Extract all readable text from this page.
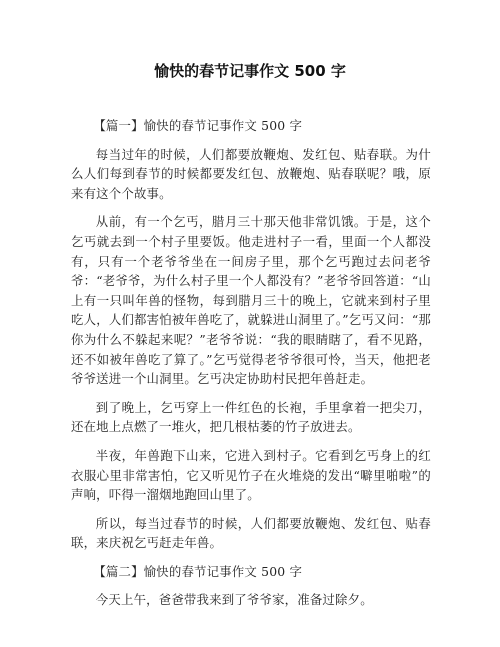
愉快的春节记事作文 500 字

【篇一】愉快的春节记事作文 500 字

每当过年的时候，人们都要放鞭炮、发红包、贴春联。为什么人们每到春节的时候都要发红包、放鞭炮、贴春联呢？哦，原来有这个个故事。

从前，有一个乞丐，腊月三十那天他非常饥饿。于是，这个乞丐就去到一个村子里要饭。他走进村子一看，里面一个人都没有，只有一个老爷爷坐在一间房子里，那个乞丐跑过去问老爷爷：“老爷爷，为什么村子里一个人都没有？”老爷爷回答道：“山上有一只叫年兽的怪物，每到腊月三十的晚上，它就来到村子里吃人，人们都害怕被年兽吃了，就躲进山洞里了。”乞丐又问：“那你为什么不躲起来呢？”老爷爷说：“我的眼睛瞎了，看不见路，还不如被年兽吃了算了。”乞丐觉得老爷爷很可怜，当天，他把老爷爷送进一个山洞里。乞丐决定协助村民把年兽赶走。

到了晚上，乞丐穿上一件红色的长袍，手里拿着一把尖刀，还在地上点燃了一堆火，把几根枯萎的竹子放进去。

半夜，年兽跑下山来，它进入到村子。它看到乞丐身上的红衣服心里非常害怕，它又听见竹子在火堆烧的发出“噼里啪啦”的声响，吓得一溜烟地跑回山里了。

所以，每当过春节的时候，人们都要放鞭炮、发红包、贴春联，来庆祝乞丐赶走年兽。

【篇二】愉快的春节记事作文 500 字

今天上午，爸爸带我来到了爷爷家，准备过除夕。
